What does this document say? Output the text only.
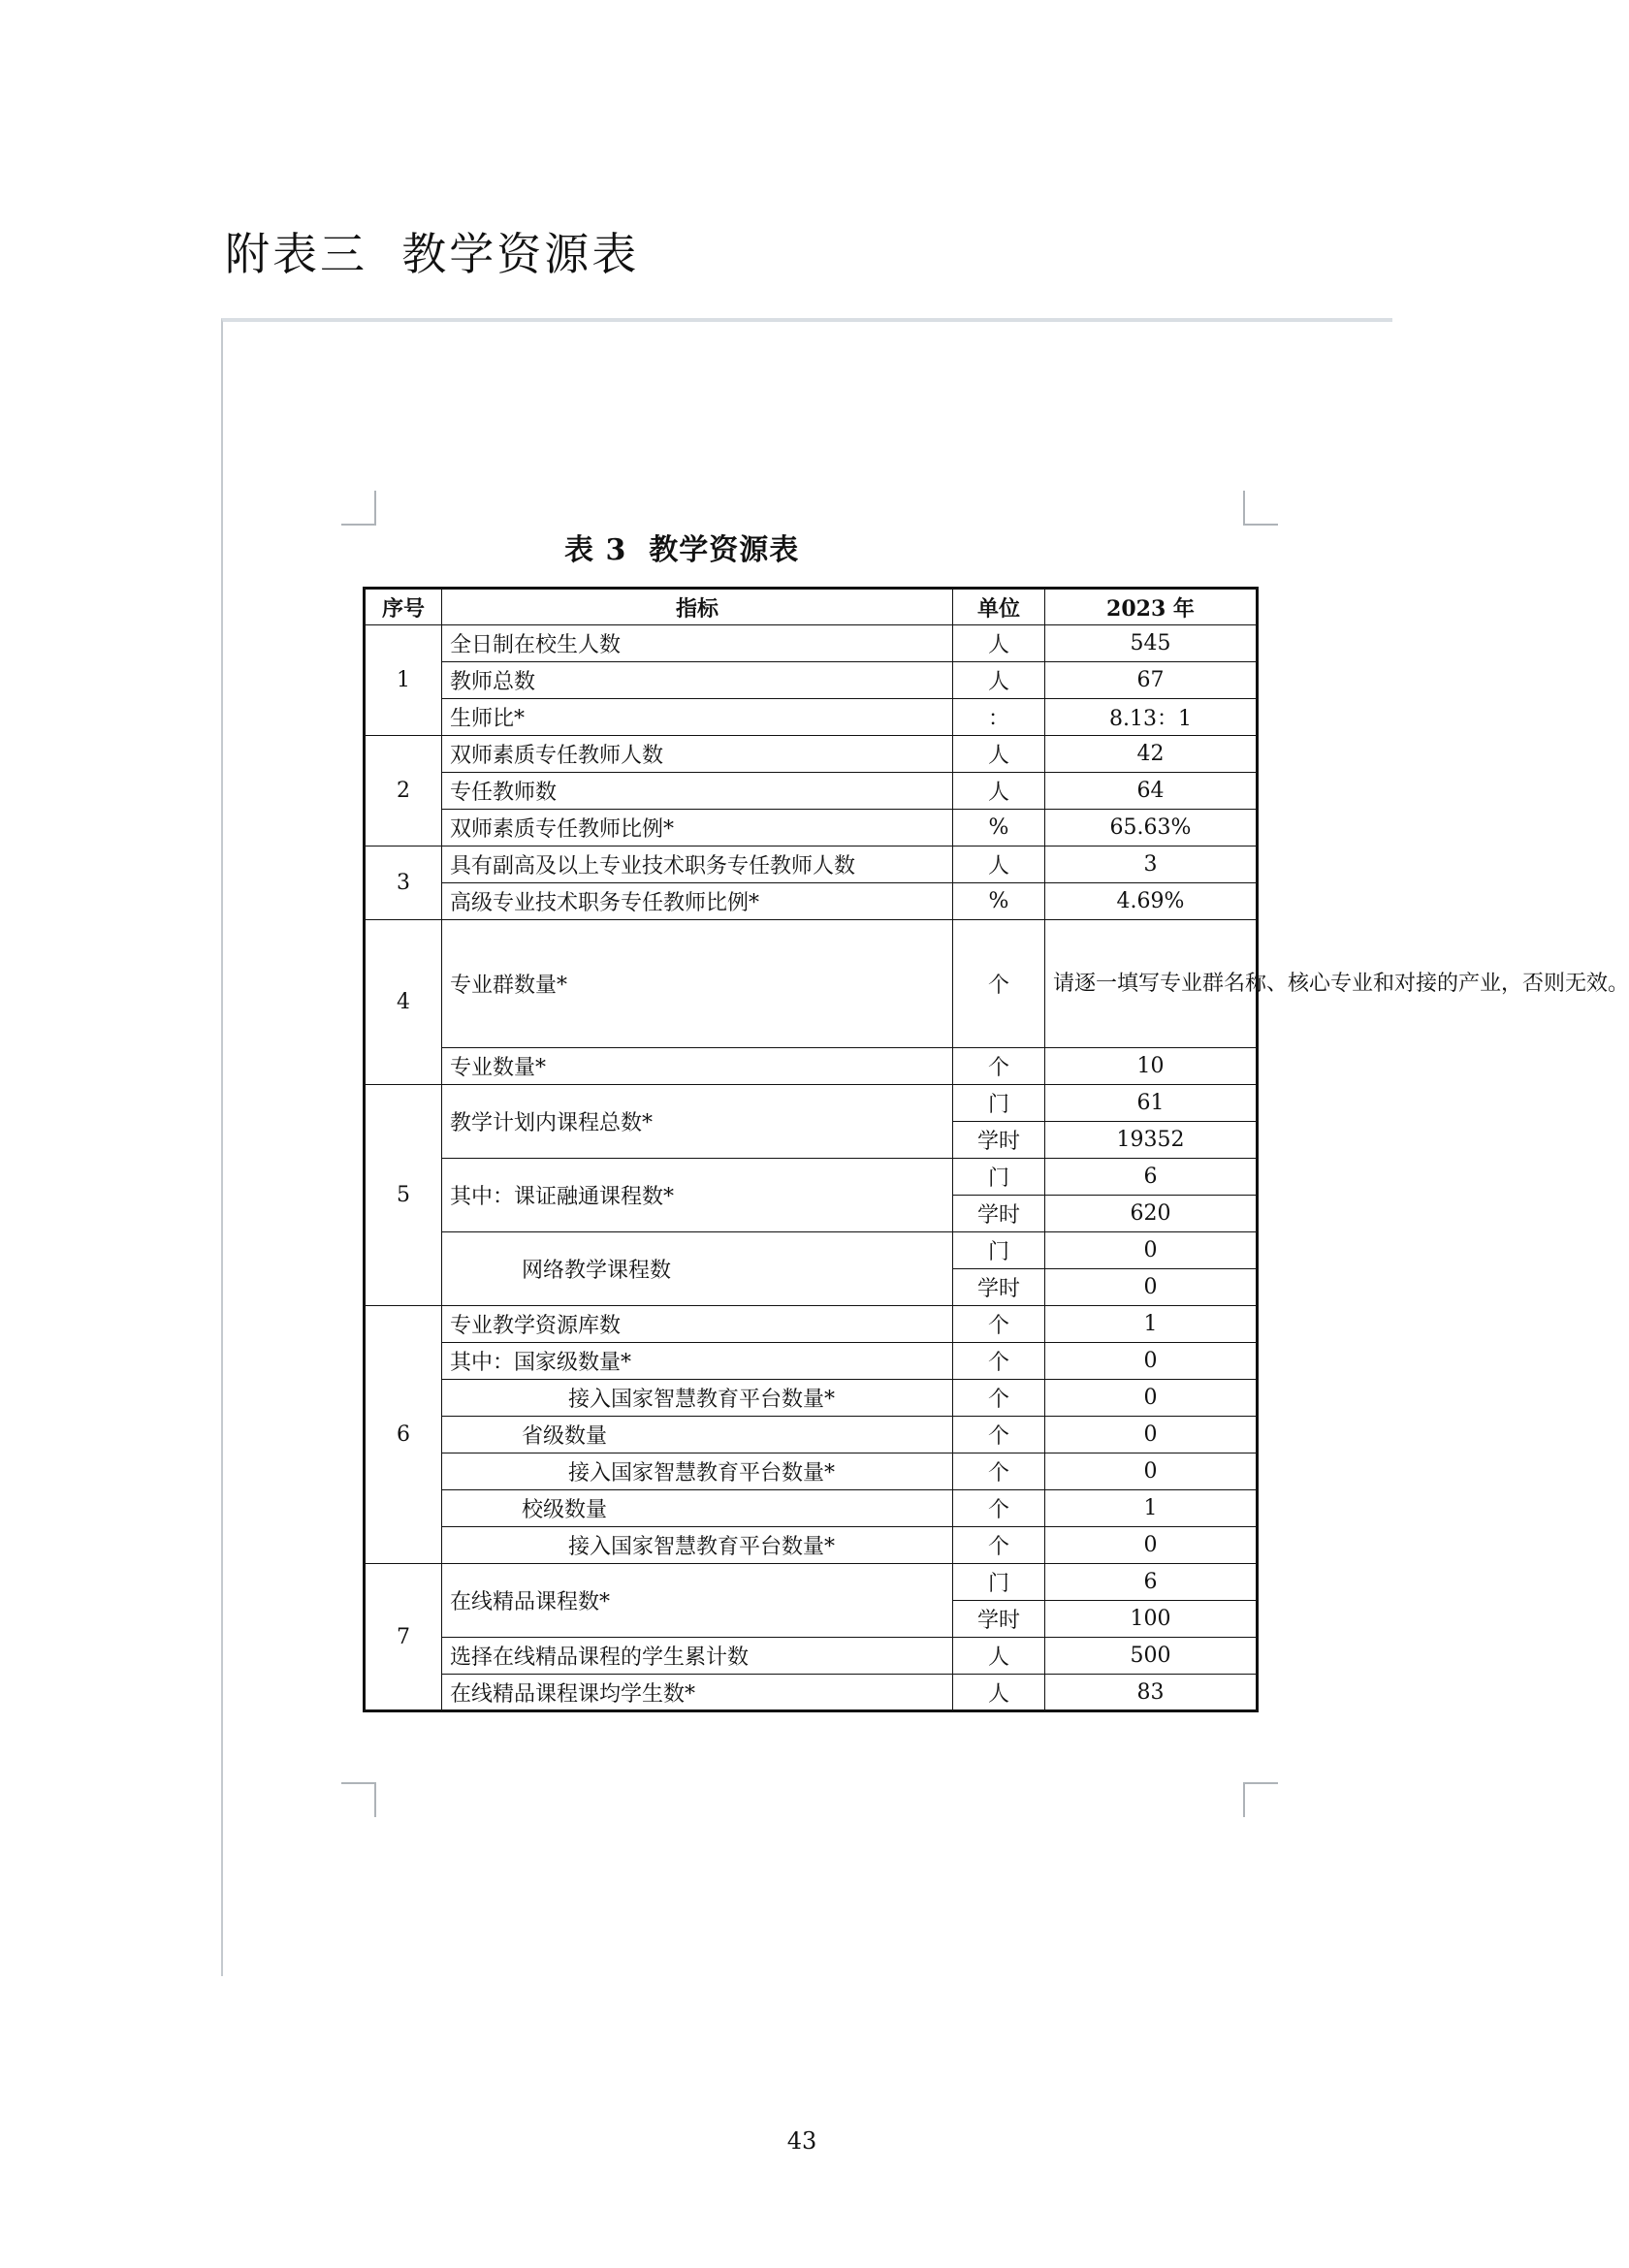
附表三  教学资源表
表 3  教学资源表
序号	指标	单位	2023 年
1	全日制在校生人数	人	545
	教师总数	人	67
	生师比*	：	8.13：1
2	双师素质专任教师人数	人	42
	专任教师数	人	64
	双师素质专任教师比例*	%	65.63%
3	具有副高及以上专业技术职务专任教师人数	人	3
	高级专业技术职务专任教师比例*	%	4.69%
4	专业群数量*	个	请逐一填写专业群名称、核心专业和对接的产业，否则无效。
	专业数量*	个	10
5	教学计划内课程总数*	门	61
		学时	19352
	其中：课证融通课程数*	门	6
		学时	620
	网络教学课程数	门	0
		学时	0
6	专业教学资源库数	个	1
	其中：国家级数量*	个	0
	接入国家智慧教育平台数量*	个	0
	省级数量	个	0
	接入国家智慧教育平台数量*	个	0
	校级数量	个	1
	接入国家智慧教育平台数量*	个	0
7	在线精品课程数*	门	6
		学时	100
	选择在线精品课程的学生累计数	人	500
	在线精品课程课均学生数*	人	83
43
